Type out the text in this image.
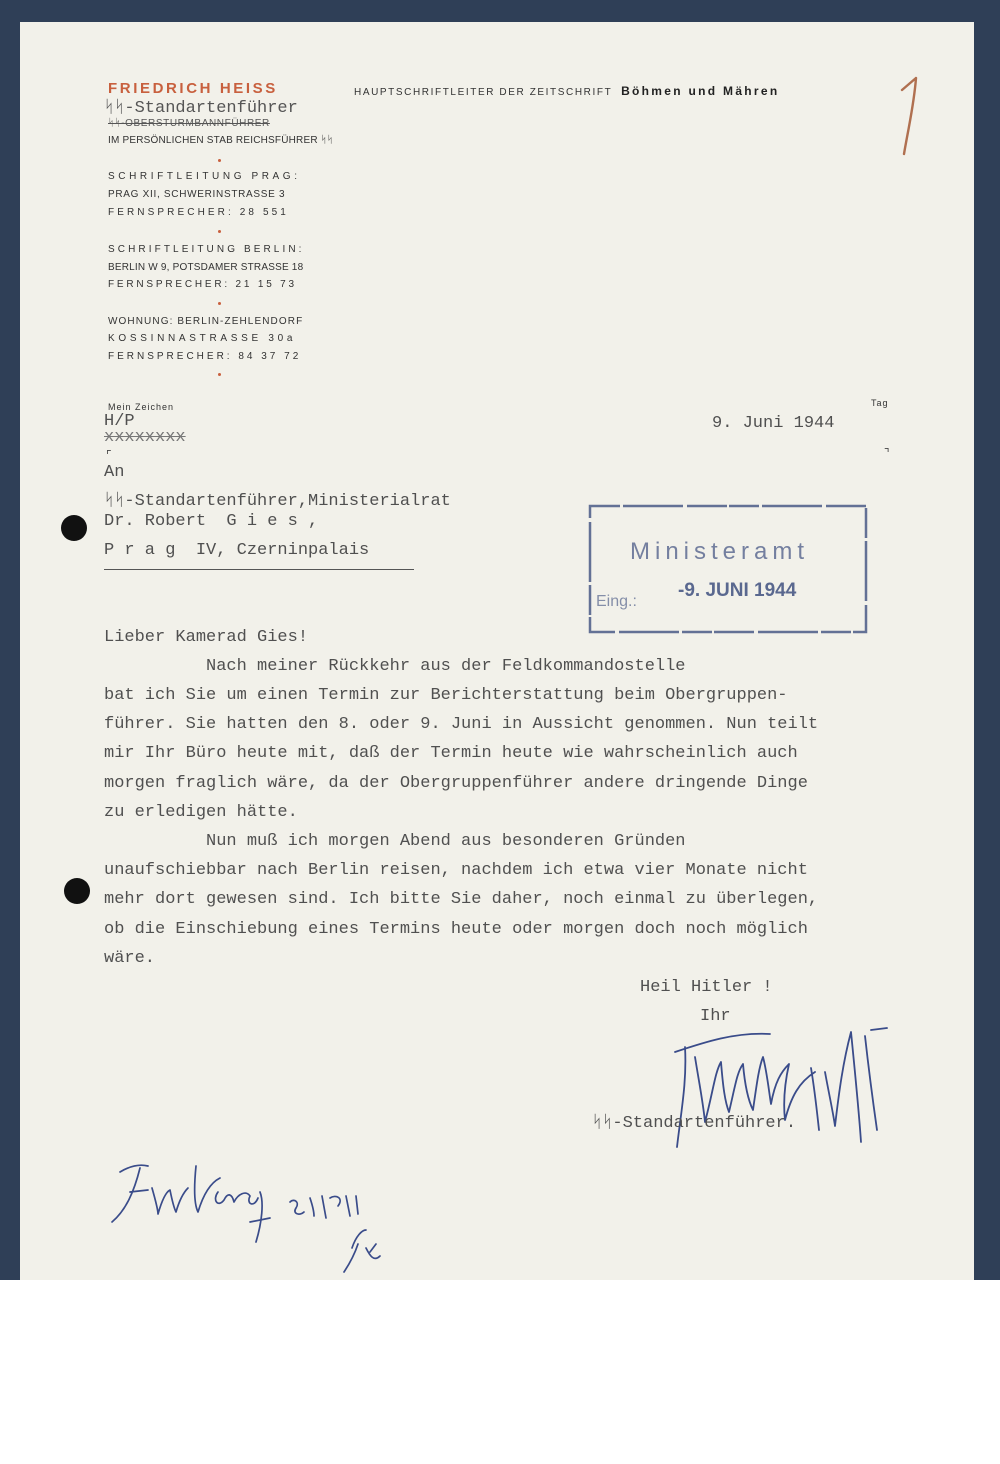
FRIEDRICH HEISS
ᛋᛋ-Standartenführer
ᛋᛋ-OBERSTURMBANNFÜHRER
IM PERSÖNLICHEN STAB REICHSFÜHRER ᛋᛋ
HAUPTSCHRIFTLEITER DER ZEITSCHRIFT Böhmen und Mähren
SCHRIFTLEITUNG PRAG:
PRAG XII, SCHWERINSTRASSE 3
FERNSPRECHER: 28 551
SCHRIFTLEITUNG BERLIN:
BERLIN W 9, POTSDAMER STRASSE 18
FERNSPRECHER: 21 15 73
WOHNUNG: BERLIN-ZEHLENDORF
KOSSINNASTRASSE 30a
FERNSPRECHER: 84 37 72
Mein Zeichen
H/P
xxxxxxxx
Tag
9. Juni 1944
⌜	⌝
An
ᛋᛋ-Standartenführer,Ministerialrat
Dr. Robert  G i e s ,
P r a g  IV, Czerninpalais	Ministeramt
Eing.:
-9. JUNI 1944
Lieber Kamerad Gies!
Nach meiner Rückkehr aus der Feldkommandostelle
bat ich Sie um einen Termin zur Berichterstattung beim Obergruppen-
führer. Sie hatten den 8. oder 9. Juni in Aussicht genommen. Nun teilt
mir Ihr Büro heute mit, daß der Termin heute wie wahrscheinlich auch
morgen fraglich wäre, da der Obergruppenführer andere dringende Dinge
zu erledigen hätte.
Nun muß ich morgen Abend aus besonderen Gründen
unaufschiebbar nach Berlin reisen, nachdem ich etwa vier Monate nicht
mehr dort gewesen sind. Ich bitte Sie daher, noch einmal zu überlegen,
ob die Einschiebung eines Termins heute oder morgen doch noch möglich
wäre.
Heil Hitler !
Ihr
ᛋᛋ-Standartenführer.
